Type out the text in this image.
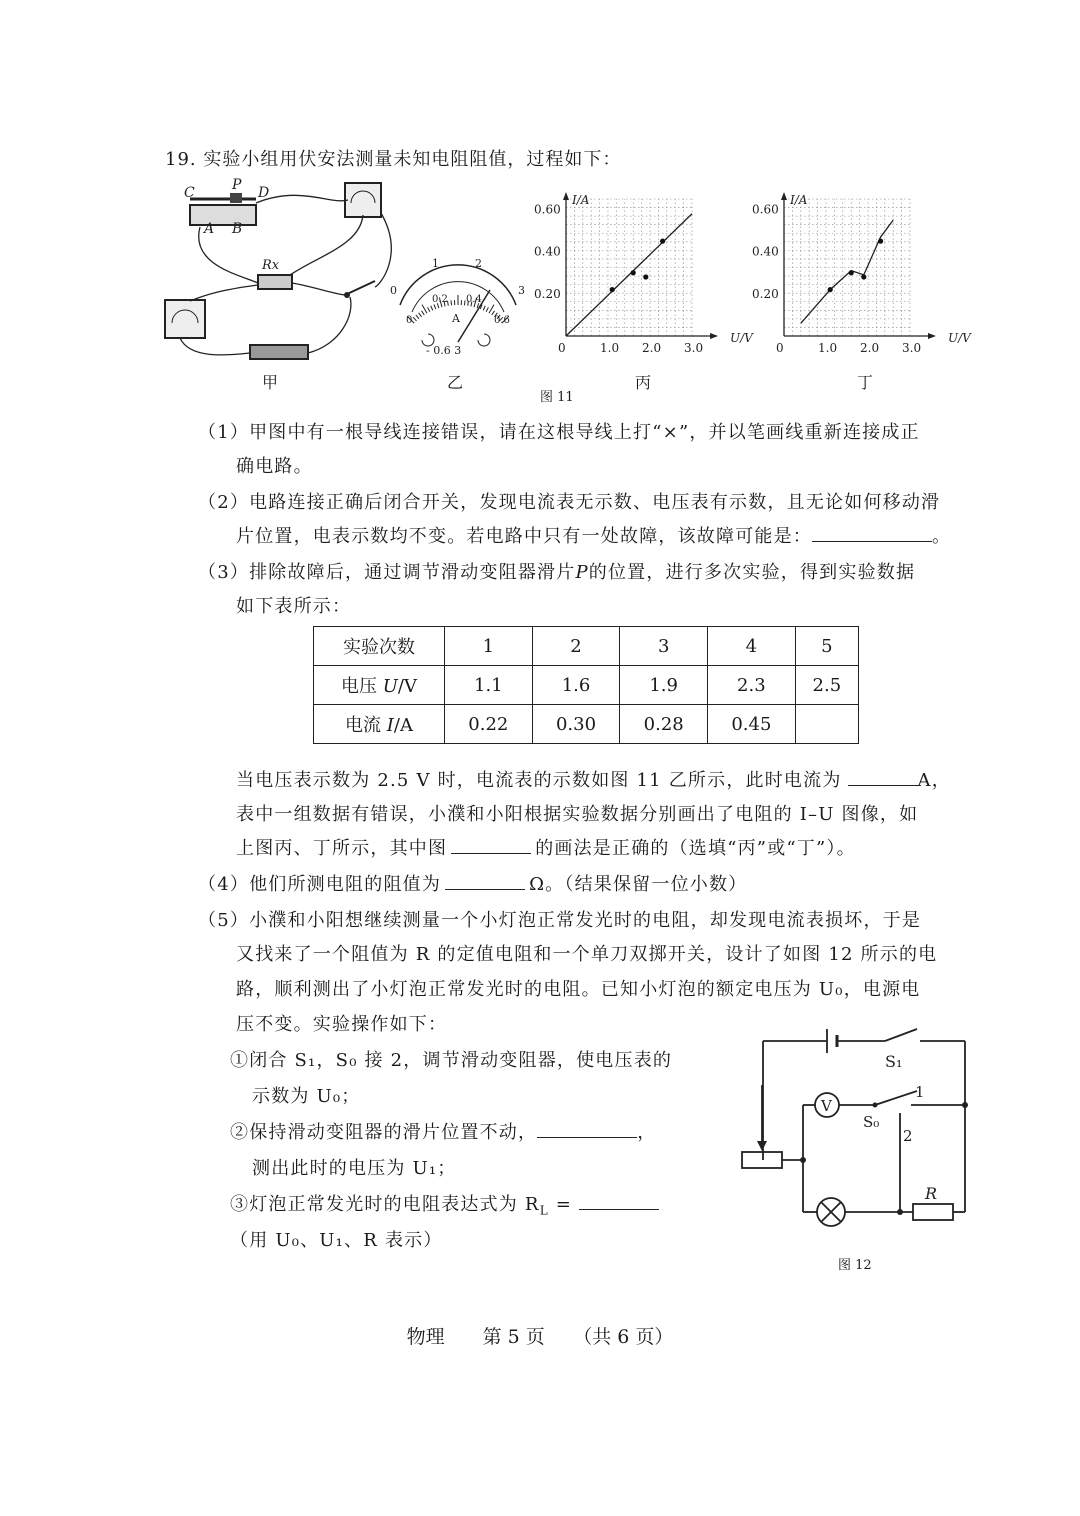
19. 实验小组用伏安法测量未知电阻阻值，过程如下：
C	P D
A B
Rx
甲
0
1	2
3
0
0.2 0.4
0.6
A
- 0.6 3
乙
0	1.0 2.0 3.0
0.20
0.40
0.60
I/A
U/V
丙
0	1.0 2.0 3.0
0.20
0.40
0.60
I/A
U/V
丁
图 11
（1）甲图中有一根导线连接错误，请在这根导线上打“×”，并以笔画线重新连接成正
确电路。
（2）电路连接正确后闭合开关，发现电流表无示数、电压表有示数，且无论如何移动滑
片位置，电表示数均不变。若电路中只有一处故障，该故障可能是：	。
（3）排除故障后，通过调节滑动变阻器滑片P的位置，进行多次实验，得到实验数据
如下表所示：
实验次数	1	2	3	4	5
电压 U/V	1.1	1.6	1.9	2.3	2.5
电流 I/A	0.22	0.30	0.28	0.45	
当电压表示数为 2.5 V 时，电流表的示数如图 11 乙所示，此时电流为	A，
表中一组数据有错误，小濮和小阳根据实验数据分别画出了电阻的 I–U 图像，如
上图丙、丁所示，其中图	的画法是正确的（选填“丙”或“丁”）。
（4）他们所测电阻的阻值为	Ω。（结果保留一位小数）
（5）小濮和小阳想继续测量一个小灯泡正常发光时的电阻，却发现电流表损坏，于是
又找来了一个阻值为 R 的定值电阻和一个单刀双掷开关，设计了如图 12 所示的电
路，顺利测出了小灯泡正常发光时的电阻。已知小灯泡的额定电压为 U₀，电源电
压不变。实验操作如下：
①闭合 S₁，S₀ 接 2，调节滑动变阻器，使电压表的
示数为 U₀；
②保持滑动变阻器的滑片位置不动，	，
测出此时的电压为 U₁；
③灯泡正常发光时的电阻表达式为 $R_L$ =
（用 U₀、U₁、R 表示）
S₁
V
S₀
1
2
R
图 12
物理　　第 5 页　　（共 6 页）
